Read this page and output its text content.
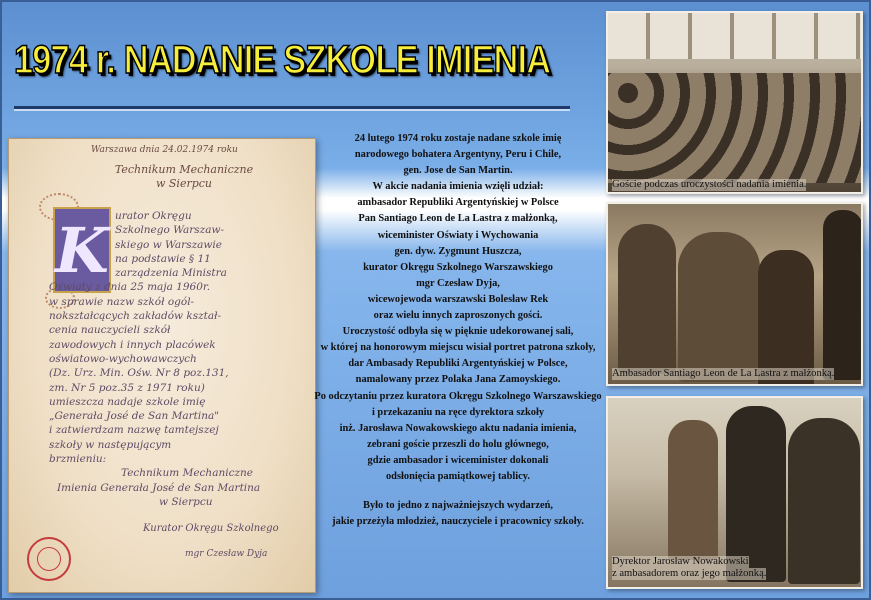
1974 r. NADANIE SZKOLE IMIENIA
Warszawa dnia 24.02.1974 roku
Technikum Mechaniczne
w Sierpcu
K urator Okręgu
Szkolnego Warszaw-
skiego w Warszawie
na podstawie § 11
zarządzenia Ministra
Oświaty z dnia 25 maja 1960r.
w sprawie nazw szkół ogól-
nokształcących zakładów kształ-
cenia nauczycieli szkół
zawodowych i innych placówek
oświatowo-wychowawczych
(Dz. Urz. Min. Ośw. Nr 8 poz.131,
zm. Nr 5 poz.35 z 1971 roku)
umieszcza nadaje szkole imię
„Generała José de San Martina"
i zatwierdzam nazwę tamtejszej
szkoły w następującym
brzmieniu:
Technikum Mechaniczne
Imienia Generała José de San Martina
w Sierpcu
Kurator Okręgu Szkolnego
mgr Czesław Dyja
24 lutego 1974 roku zostaje nadane szkole imię
narodowego bohatera Argentyny, Peru i Chile,
gen. Jose de San Martin.
W akcie nadania imienia wzięli udział:
ambasador Republiki Argentyńskiej w Polsce
Pan Santiago Leon de La Lastra z małżonką,
wiceminister Oświaty i Wychowania
gen. dyw. Zygmunt Huszcza,
kurator Okręgu Szkolnego Warszawskiego
mgr Czesław Dyja,
wicewojewoda warszawski Bolesław Rek
oraz wielu innych zaproszonych gości.
Uroczystość odbyła się w pięknie udekorowanej sali,
w której na honorowym miejscu wisiał portret patrona szkoły,
dar Ambasady Republiki Argentyńskiej w Polsce,
namalowany przez Polaka Jana Zamoyskiego.
Po odczytaniu przez kuratora Okręgu Szkolnego Warszawskiego
i przekazaniu na ręce dyrektora szkoły
inż. Jarosława Nowakowskiego aktu nadania imienia,
zebrani goście przeszli do holu głównego,
gdzie ambasador i wiceminister dokonali
odsłonięcia pamiątkowej tablicy.
Było to jedno z najważniejszych wydarzeń,
jakie przeżyła młodzież, nauczyciele i pracownicy szkoły.
Goście podczas uroczystości nadania imienia.
Ambasador Santiago Leon de La Lastra z małżonką.
Dyrektor Jarosław Nowakowski
z ambasadorem oraz jego małżonką.
